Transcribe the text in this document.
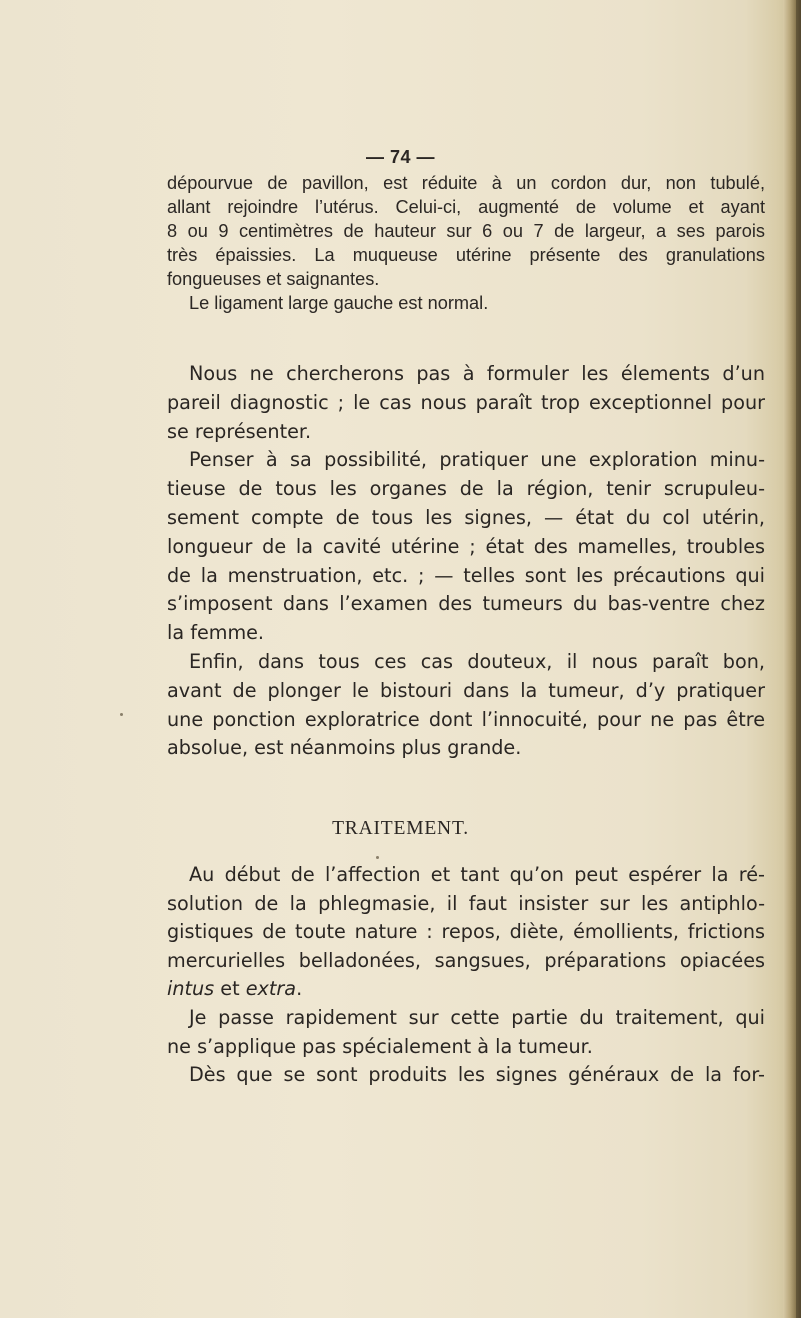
— 74 —
dépourvue de pavillon, est réduite à un cordon dur, non tubulé,
allant rejoindre l’utérus. Celui-ci, augmenté de volume et ayant
8 ou 9 centimètres de hauteur sur 6 ou 7 de largeur, a ses parois
très épaissies. La muqueuse utérine présente des granulations
fongueuses et saignantes.
Le ligament large gauche est normal.
Nous ne chercherons pas à formuler les élements d’un
pareil diagnostic ; le cas nous paraît trop exceptionnel pour
se représenter.
Penser à sa possibilité, pratiquer une exploration minu-
tieuse de tous les organes de la région, tenir scrupuleu-
sement compte de tous les signes, — état du col utérin,
longueur de la cavité utérine ; état des mamelles, troubles
de la menstruation, etc. ; — telles sont les précautions qui
s’imposent dans l’examen des tumeurs du bas-ventre chez
la femme.
Enfin, dans tous ces cas douteux, il nous paraît bon,
avant de plonger le bistouri dans la tumeur, d’y pratiquer
une ponction exploratrice dont l’innocuité, pour ne pas être
absolue, est néanmoins plus grande.
TRAITEMENT.
Au début de l’affection et tant qu’on peut espérer la ré-
solution de la phlegmasie, il faut insister sur les antiphlo-
gistiques de toute nature : repos, diète, émollients, frictions
mercurielles belladonées, sangsues, préparations opiacées
intus et extra.
Je passe rapidement sur cette partie du traitement, qui
ne s’applique pas spécialement à la tumeur.
Dès que se sont produits les signes généraux de la for-
